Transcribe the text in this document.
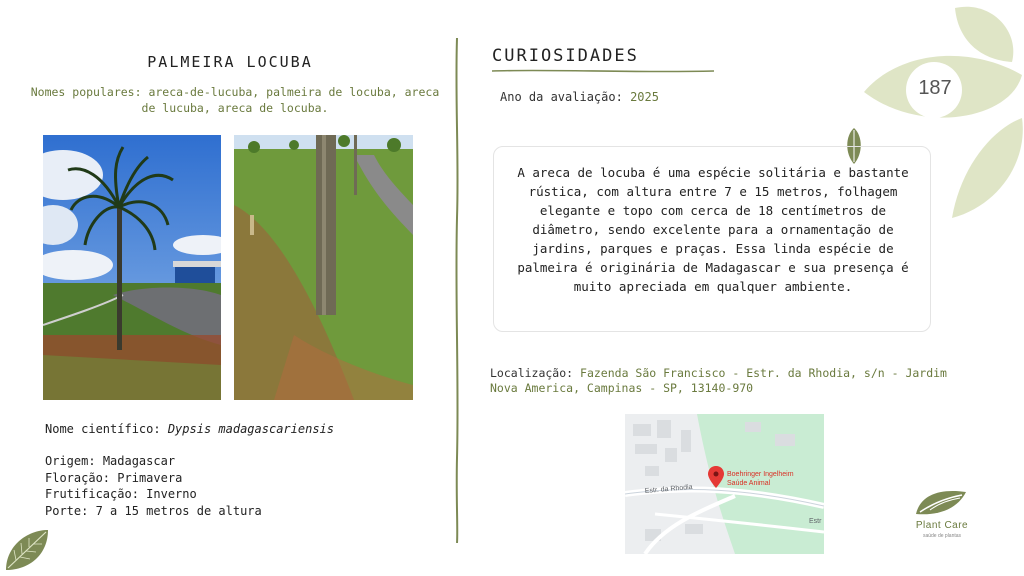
187
PALMEIRA LOCUBA
Nomes populares: areca-de-lucuba, palmeira de locuba, areca de lucuba, areca de locuba.
Nome científico: Dypsis madagascariensis
Origem: Madagascar
Floração: Primavera
Frutificação: Inverno
Porte: 7 a 15 metros de altura
CURIOSIDADES
Ano da avaliação: 2025
A areca de locuba é uma espécie solitária e bastante rústica, com altura entre 7 e 15 metros, folhagem elegante e topo com cerca de 18 centímetros de diâmetro, sendo excelente para a ornamentação de jardins, parques e praças. Essa linda espécie de palmeira é originária de Madagascar e sua presença é muito apreciada em qualquer ambiente.
Localização: Fazenda São Francisco - Estr. da Rhodia, s/n - Jardim Nova America, Campinas - SP, 13140-970
Estr. da Rhodia
Estr
Boehringer Ingelheim
Saúde Animal
Plant Care
saúde de plantas
